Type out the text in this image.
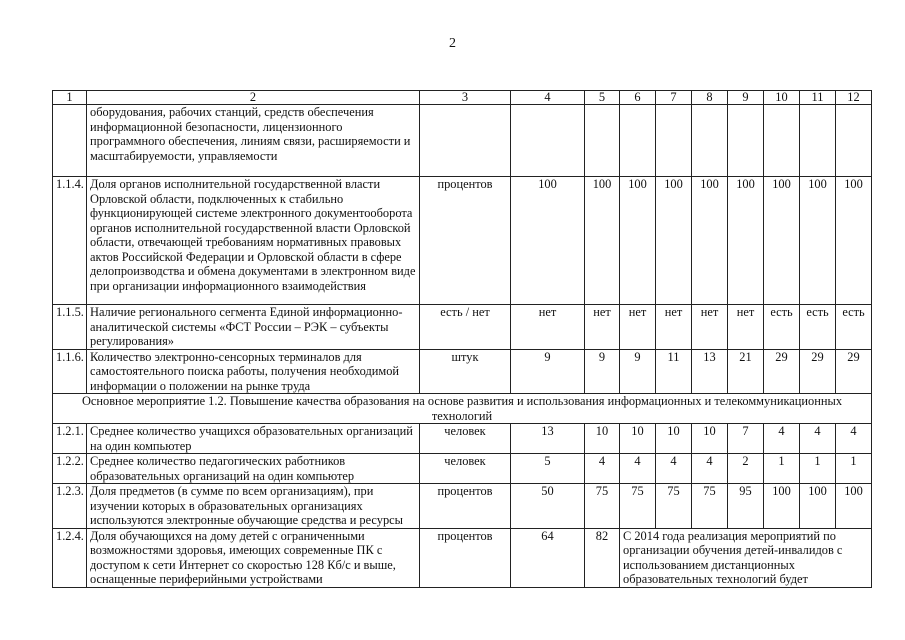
2
1	2	3	4	5	6	7	8	9	10	11	12
	оборудования, рабочих станций, средств обеспечения информационной безопасности, лицензионного программного обеспечения, линиям связи, расширяемости и масштабируемости, управляемости										
1.1.4.	Доля органов исполнительной государственной власти Орловской области, подключенных к стабильно функционирующей системе электронного документооборота органов исполнительной государственной власти Орловской области, отвечающей требованиям нормативных правовых актов Российской Федерации и Орловской области в сфере делопроизводства и обмена документами в электронном виде при организации информационного взаимодействия	процентов	100	100	100	100	100	100	100	100	100
1.1.5.	Наличие регионального сегмента Единой информационно-аналитической системы «ФСТ России – РЭК – субъекты регулирования»	есть / нет	нет	нет	нет	нет	нет	нет	есть	есть	есть
1.1.6.	Количество электронно-сенсорных терминалов для самостоятельного поиска работы, получения необходимой информации о положении на рынке труда	штук	9	9	9	11	13	21	29	29	29
Основное мероприятие 1.2. Повышение качества образования на основе развития и использования информационных и телекоммуникационных технологий											
1.2.1.	Среднее количество учащихся образовательных организаций на один компьютер	человек	13	10	10	10	10	7	4	4	4
1.2.2.	Среднее количество педагогических работников образовательных организаций на один компьютер	человек	5	4	4	4	4	2	1	1	1
1.2.3.	Доля предметов (в сумме по всем организациям), при изучении которых в образовательных организациях используются электронные обучающие средства и ресурсы	процентов	50	75	75	75	75	95	100	100	100
1.2.4.	Доля обучающихся на дому детей с ограниченными возможностями здоровья, имеющих современные ПК с доступом к сети Интернет со скоростью 128 Кб/с и выше, оснащенные периферийными устройствами	процентов	64	82	С 2014 года реализация мероприятий по организации обучения детей-инвалидов с использованием дистанционных образовательных технологий будет						
